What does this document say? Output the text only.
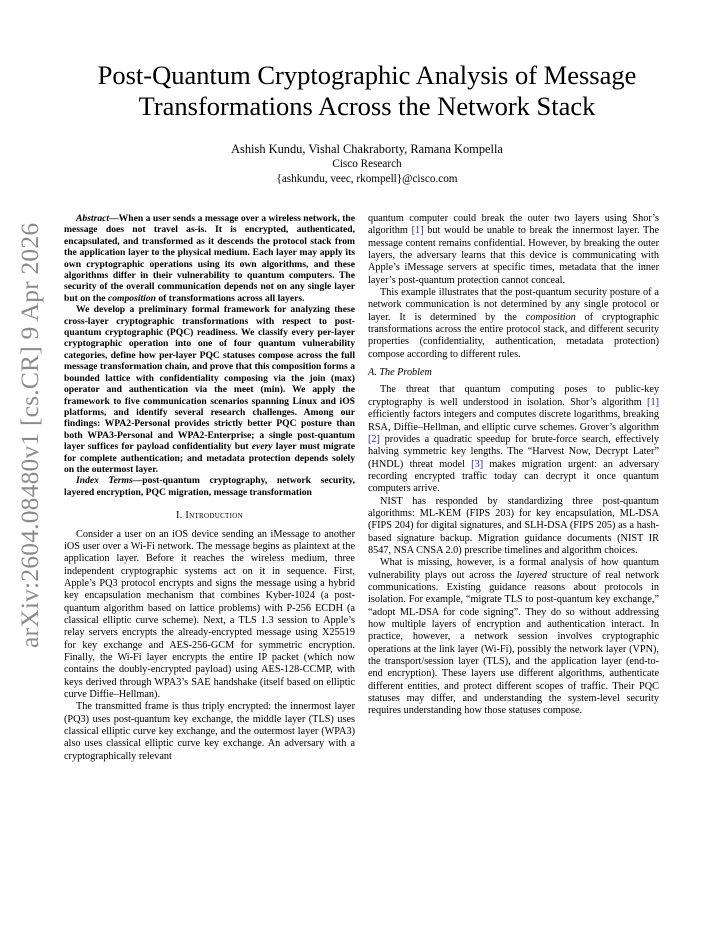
arXiv:2604.08480v1 [cs.CR] 9 Apr 2026
Post-Quantum Cryptographic Analysis of Message Transformations Across the Network Stack
Ashish Kundu, Vishal Chakraborty, Ramana Kompella
Cisco Research
{ashkundu, veec, rkompell}@cisco.com

Abstract—When a user sends a message over a wireless network, the message does not travel as-is. It is encrypted, authenticated, encapsulated, and transformed as it descends the protocol stack from the application layer to the physical medium. Each layer may apply its own cryptographic operations using its own algorithms, and these algorithms differ in their vulnerability to quantum computers. The security of the overall communication depends not on any single layer but on the composition of transformations across all layers.

We develop a preliminary formal framework for analyzing these cross-layer cryptographic transformations with respect to post-quantum cryptographic (PQC) readiness. We classify every per-layer cryptographic operation into one of four quantum vulnerability categories, define how per-layer PQC statuses compose across the full message transformation chain, and prove that this composition forms a bounded lattice with confidentiality composing via the join (max) operator and authentication via the meet (min). We apply the framework to five communication scenarios spanning Linux and iOS platforms, and identify several research challenges. Among our findings: WPA2-Personal provides strictly better PQC posture than both WPA3-Personal and WPA2-Enterprise; a single post-quantum layer suffices for payload confidentiality but every layer must migrate for complete authentication; and metadata protection depends solely on the outermost layer.

Index Terms—post-quantum cryptography, network security, layered encryption, PQC migration, message transformation

I. Introduction

Consider a user on an iOS device sending an iMessage to another iOS user over a Wi-Fi network. The message begins as plaintext at the application layer. Before it reaches the wireless medium, three independent cryptographic systems act on it in sequence. First, Apple’s PQ3 protocol encrypts and signs the message using a hybrid key encapsulation mechanism that combines Kyber-1024 (a post-quantum algorithm based on lattice problems) with P-256 ECDH (a classical elliptic curve scheme). Next, a TLS 1.3 session to Apple’s relay servers encrypts the already-encrypted message using X25519 for key exchange and AES-256-GCM for symmetric encryption. Finally, the Wi-Fi layer encrypts the entire IP packet (which now contains the doubly-encrypted payload) using AES-128-CCMP, with keys derived through WPA3’s SAE handshake (itself based on elliptic curve Diffie–Hellman).

The transmitted frame is thus triply encrypted: the innermost layer (PQ3) uses post-quantum key exchange, the middle layer (TLS) uses classical elliptic curve key exchange, and the outermost layer (WPA3) also uses classical elliptic curve key exchange. An adversary with a cryptographically relevant

quantum computer could break the outer two layers using Shor’s algorithm [1] but would be unable to break the innermost layer. The message content remains confidential. However, by breaking the outer layers, the adversary learns that this device is communicating with Apple’s iMessage servers at specific times, metadata that the inner layer’s post-quantum protection cannot conceal.

This example illustrates that the post-quantum security posture of a network communication is not determined by any single protocol or layer. It is determined by the composition of cryptographic transformations across the entire protocol stack, and different security properties (confidentiality, authentication, metadata protection) compose according to different rules.

A. The Problem

The threat that quantum computing poses to public-key cryptography is well understood in isolation. Shor’s algorithm [1] efficiently factors integers and computes discrete logarithms, breaking RSA, Diffie–Hellman, and elliptic curve schemes. Grover’s algorithm [2] provides a quadratic speedup for brute-force search, effectively halving symmetric key lengths. The “Harvest Now, Decrypt Later” (HNDL) threat model [3] makes migration urgent: an adversary recording encrypted traffic today can decrypt it once quantum computers arrive.

NIST has responded by standardizing three post-quantum algorithms: ML-KEM (FIPS 203) for key encapsulation, ML-DSA (FIPS 204) for digital signatures, and SLH-DSA (FIPS 205) as a hash-based signature backup. Migration guidance documents (NIST IR 8547, NSA CNSA 2.0) prescribe timelines and algorithm choices.

What is missing, however, is a formal analysis of how quantum vulnerability plays out across the layered structure of real network communications. Existing guidance reasons about protocols in isolation. For example, “migrate TLS to post-quantum key exchange,” “adopt ML-DSA for code signing”. They do so without addressing how multiple layers of encryption and authentication interact. In practice, however, a network session involves cryptographic operations at the link layer (Wi-Fi), possibly the network layer (VPN), the transport/session layer (TLS), and the application layer (end-to-end encryption). These layers use different algorithms, authenticate different entities, and protect different scopes of traffic. Their PQC statuses may differ, and understanding the system-level security requires understanding how those statuses compose.
